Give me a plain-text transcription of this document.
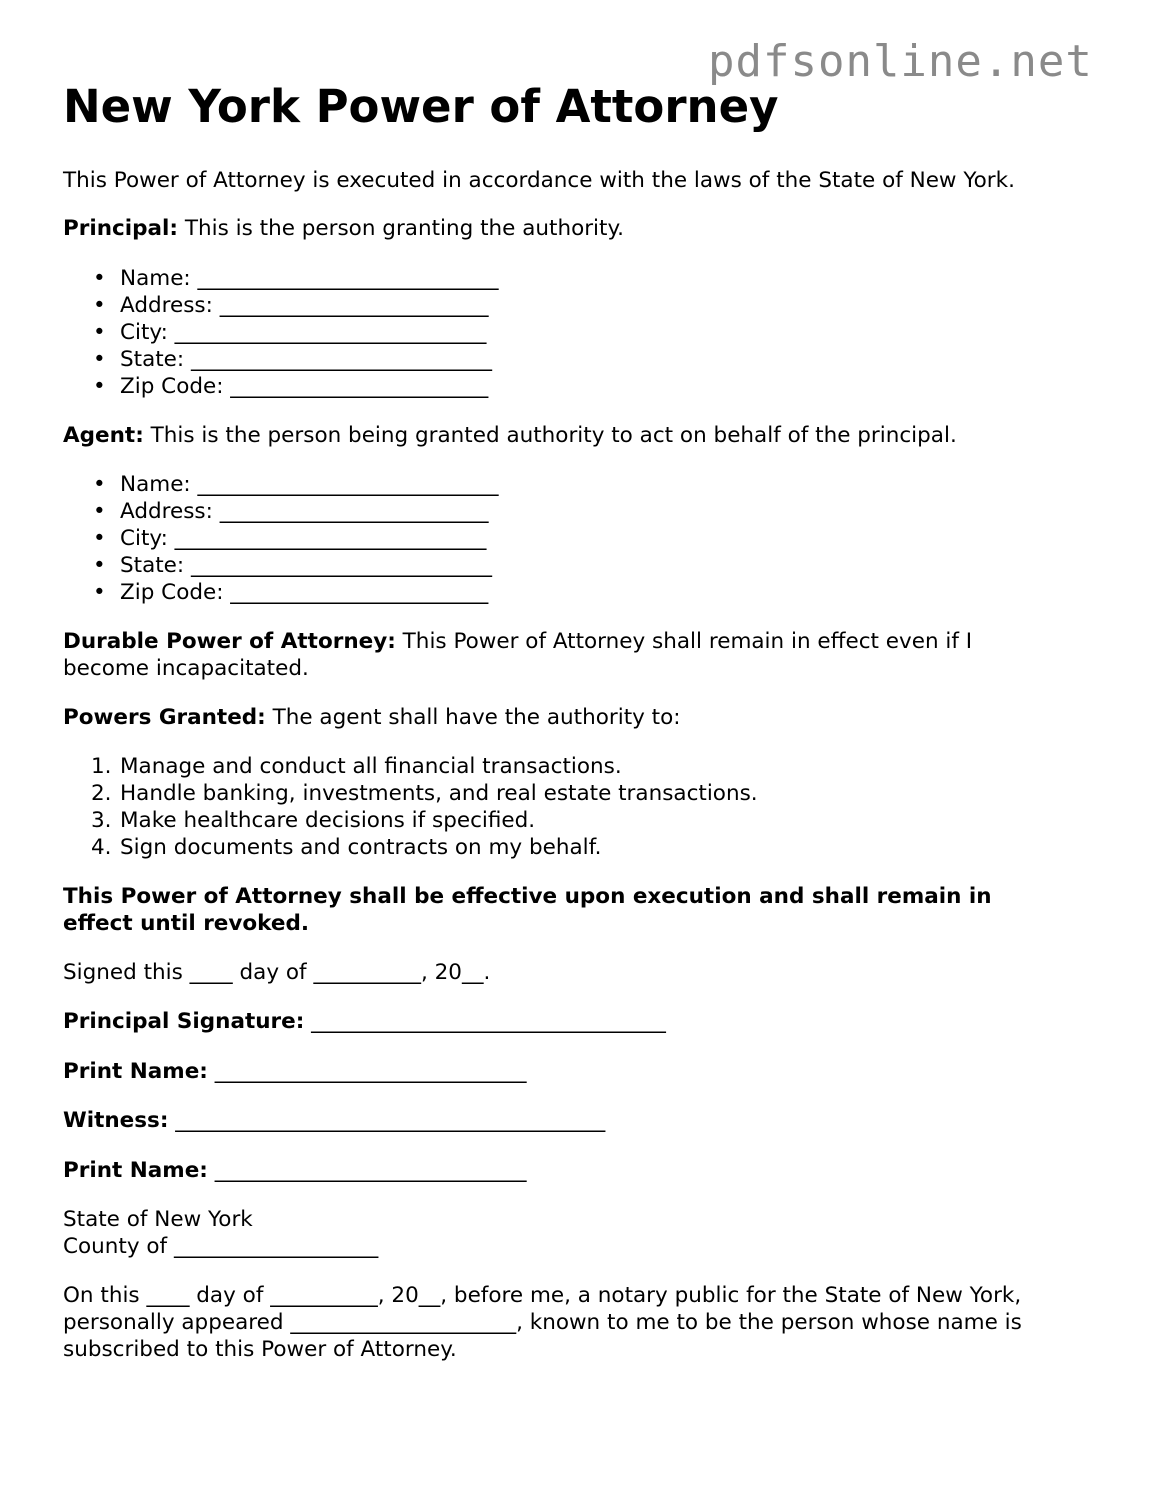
pdfsonline.net
New York Power of Attorney

This Power of Attorney is executed in accordance with the laws of the State of New York.

Principal: This is the person granting the authority.

• Name: ____________________________
• Address: _________________________
• City: _____________________________
• State: ____________________________
• Zip Code: ________________________

Agent: This is the person being granted authority to act on behalf of the principal.

• Name: ____________________________
• Address: _________________________
• City: _____________________________
• State: ____________________________
• Zip Code: ________________________

Durable Power of Attorney: This Power of Attorney shall remain in effect even if I become incapacitated.

Powers Granted: The agent shall have the authority to:

1. Manage and conduct all financial transactions.
2. Handle banking, investments, and real estate transactions.
3. Make healthcare decisions if specified.
4. Sign documents and contracts on my behalf.

This Power of Attorney shall be effective upon execution and shall remain in effect until revoked.

Signed this ____ day of __________, 20__.

Principal Signature: _________________________________

Print Name: _____________________________

Witness: ________________________________________

Print Name: _____________________________

State of New York
County of ___________________

On this ____ day of __________, 20__, before me, a notary public for the State of New York, personally appeared _____________________, known to me to be the person whose name is subscribed to this Power of Attorney.
